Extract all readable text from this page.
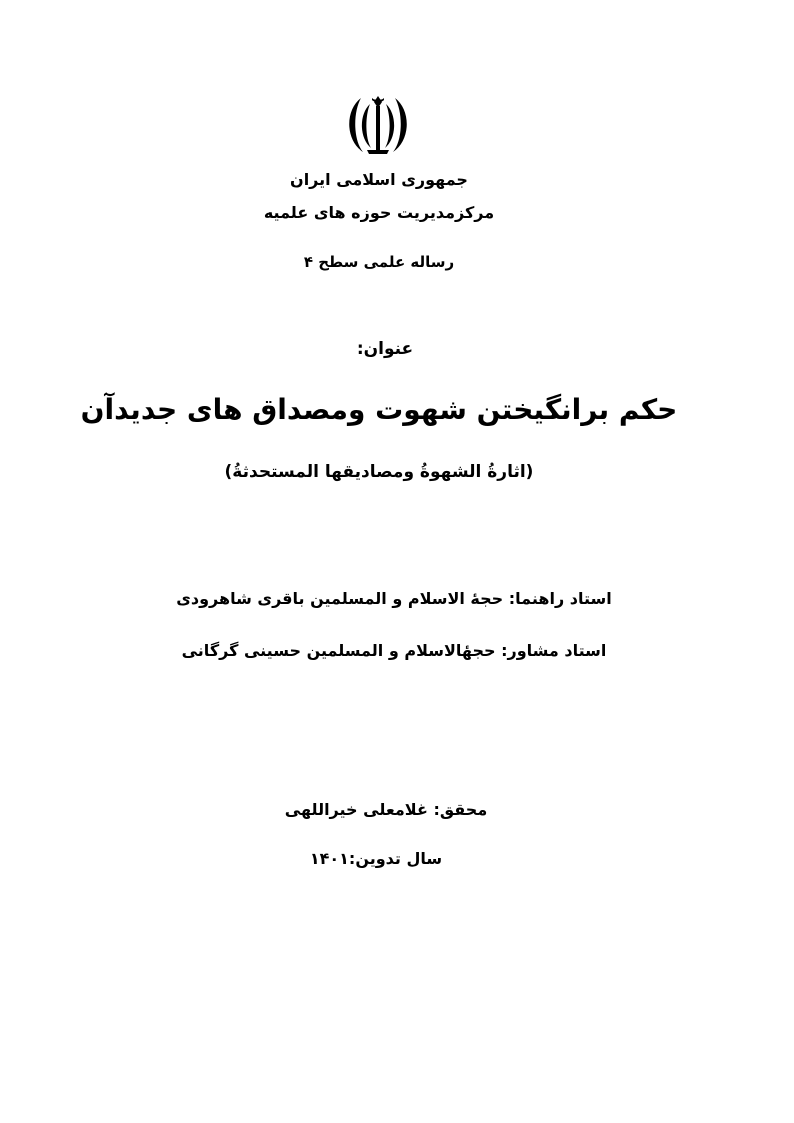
جمهوری اسلامی ایران
مرکزمدیریت حوزه های علمیه
رساله علمی سطح ۴
عنوان:
حکم برانگیختن شهوت ومصداق های جدیدآن
(اثارةُ الشهوةُ ومصاديقها المستحدثةُ)
استاد راهنما: حجهٔ الاسلام و المسلمین باقری شاهرودی
استاد مشاور: حجهٔالاسلام و المسلمین حسینی گرگانی
محقق: غلامعلی خیراللهی
سال تدوین:۱۴۰۱
